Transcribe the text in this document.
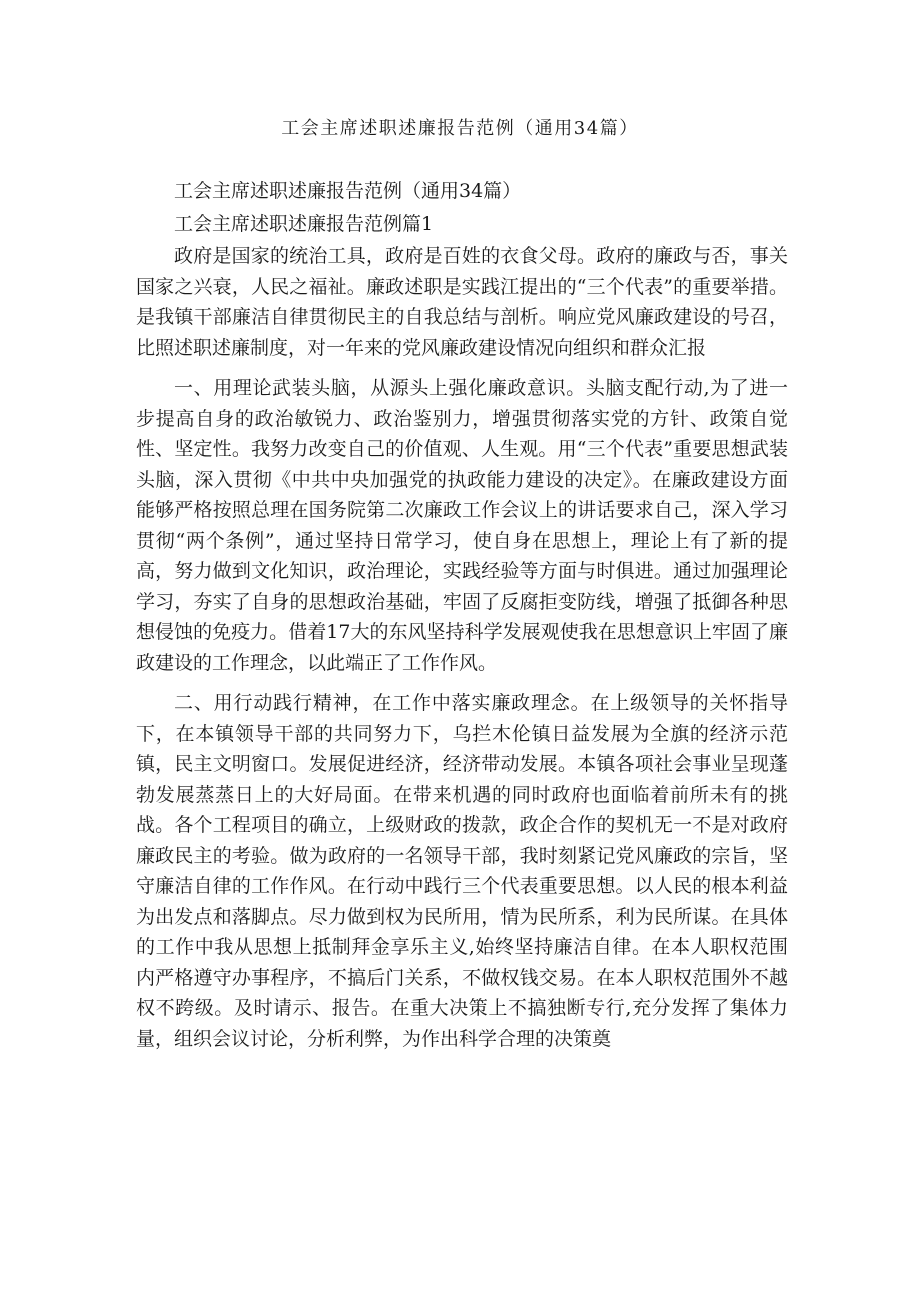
工会主席述职述廉报告范例（通用34篇）

工会主席述职述廉报告范例（通用34篇）

工会主席述职述廉报告范例篇1

政府是国家的统治工具，政府是百姓的衣食父母。政府的廉政与否，事关国家之兴衰，人民之福祉。廉政述职是实践江提出的“三个代表”的重要举措。是我镇干部廉洁自律贯彻民主的自我总结与剖析。响应党风廉政建设的号召，比照述职述廉制度，对一年来的党风廉政建设情况向组织和群众汇报

一、用理论武装头脑，从源头上强化廉政意识。头脑支配行动,为了进一步提高自身的政治敏锐力、政治鉴别力，增强贯彻落实党的方针、政策自觉性、坚定性。我努力改变自己的价值观、人生观。用“三个代表”重要思想武装头脑，深入贯彻《中共中央加强党的执政能力建设的决定》。在廉政建设方面能够严格按照总理在国务院第二次廉政工作会议上的讲话要求自己，深入学习贯彻“两个条例”，通过坚持日常学习，使自身在思想上，理论上有了新的提高，努力做到文化知识，政治理论，实践经验等方面与时俱进。通过加强理论学习，夯实了自身的思想政治基础，牢固了反腐拒变防线，增强了抵御各种思想侵蚀的免疫力。借着17大的东风坚持科学发展观使我在思想意识上牢固了廉政建设的工作理念，以此端正了工作作风。

二、用行动践行精神，在工作中落实廉政理念。在上级领导的关怀指导下，在本镇领导干部的共同努力下，乌拦木伦镇日益发展为全旗的经济示范镇，民主文明窗口。发展促进经济，经济带动发展。本镇各项社会事业呈现蓬勃发展蒸蒸日上的大好局面。在带来机遇的同时政府也面临着前所未有的挑战。各个工程项目的确立，上级财政的拨款，政企合作的契机无一不是对政府廉政民主的考验。做为政府的一名领导干部，我时刻紧记党风廉政的宗旨，坚守廉洁自律的工作作风。在行动中践行三个代表重要思想。以人民的根本利益为出发点和落脚点。尽力做到权为民所用，情为民所系，利为民所谋。在具体的工作中我从思想上抵制拜金享乐主义,始终坚持廉洁自律。在本人职权范围内严格遵守办事程序，不搞后门关系，不做权钱交易。在本人职权范围外不越权不跨级。及时请示、报告。在重大决策上不搞独断专行,充分发挥了集体力量，组织会议讨论，分析利弊，为作出科学合理的决策奠
